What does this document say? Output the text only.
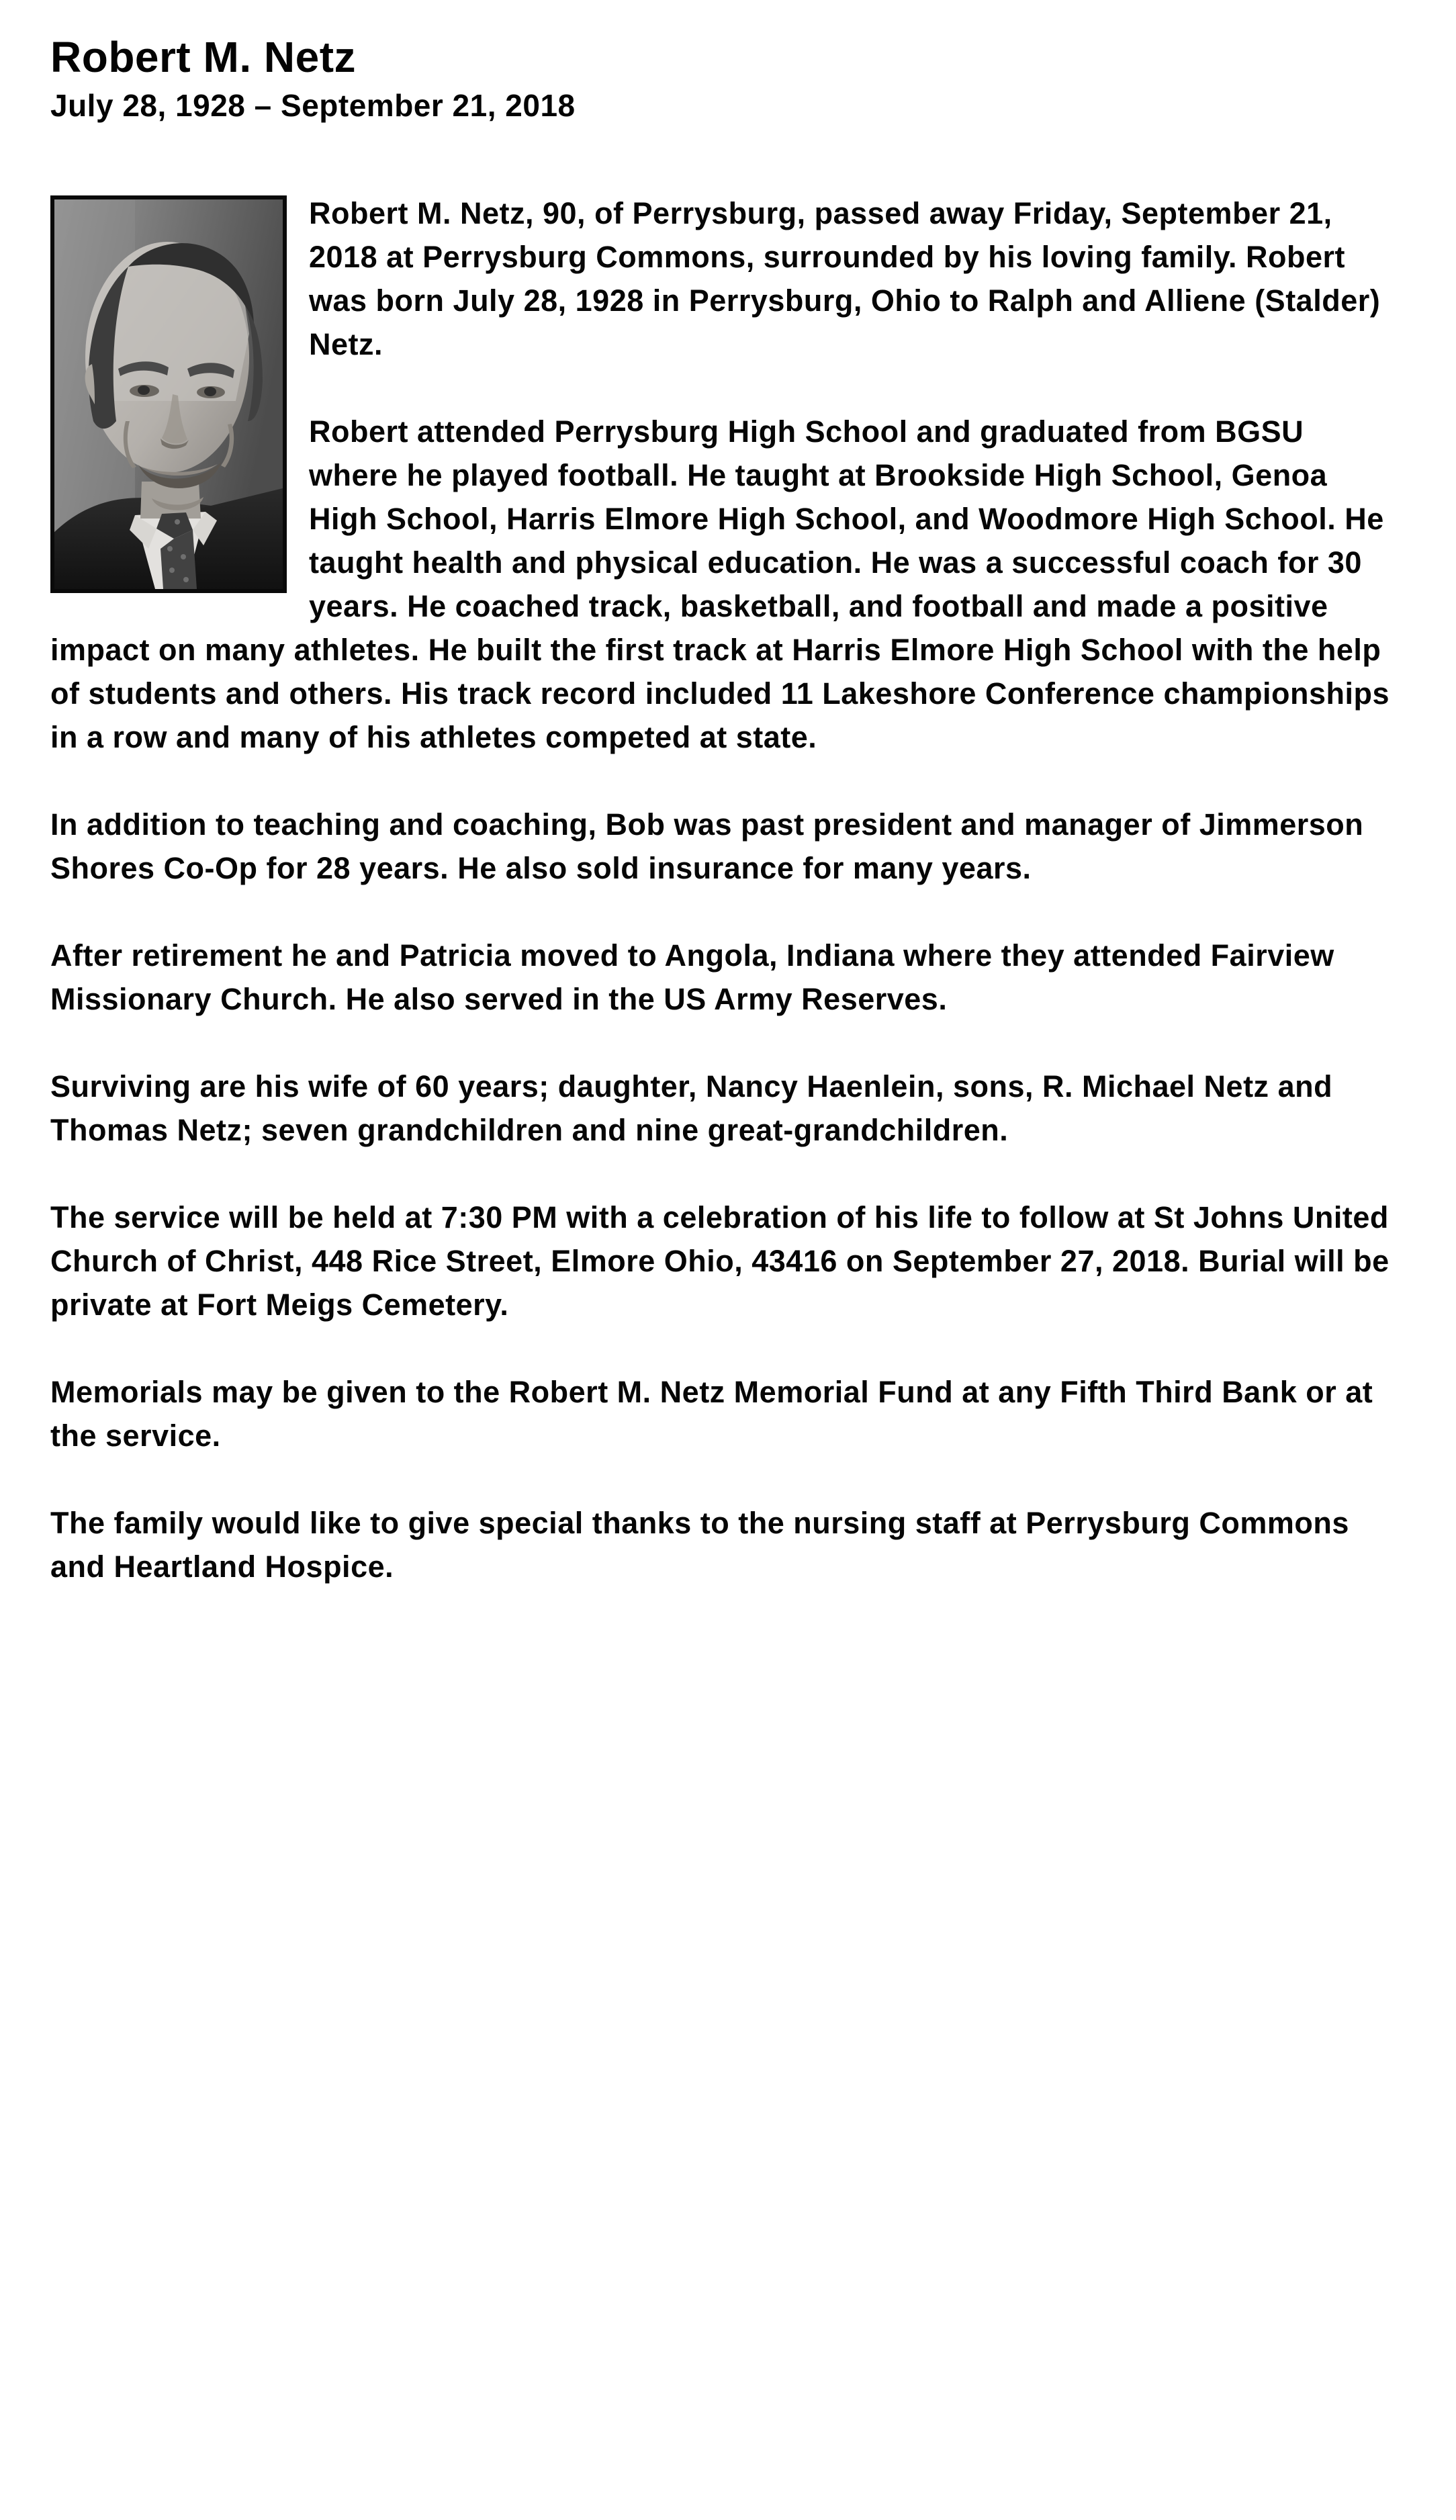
Robert M. Netz
July 28, 1928 – September 21, 2018

Robert M. Netz, 90, of Perrysburg, passed away Friday, September 21, 2018 at Perrysburg Commons, surrounded by his loving family. Robert was born July 28, 1928 in Perrysburg, Ohio to Ralph and Alliene (Stalder) Netz.

Robert attended Perrysburg High School and graduated from BGSU where he played football. He taught at Brookside High School, Genoa High School, Harris Elmore High School, and Woodmore High School. He taught health and physical education. He was a successful coach for 30 years. He coached track, basketball, and football and made a positive impact on many athletes. He built the first track at Harris Elmore High School with the help of students and others. His track record included 11 Lakeshore Conference championships in a row and many of his athletes competed at state.

In addition to teaching and coaching, Bob was past president and manager of Jimmerson Shores Co-Op for 28 years. He also sold insurance for many years.

After retirement he and Patricia moved to Angola, Indiana where they attended Fairview Missionary Church. He also served in the US Army Reserves.

Surviving are his wife of 60 years; daughter, Nancy Haenlein, sons, R. Michael Netz and Thomas Netz; seven grandchildren and nine great-grandchildren.

The service will be held at 7:30 PM with a celebration of his life to follow at St Johns United Church of Christ, 448 Rice Street, Elmore Ohio, 43416 on September 27, 2018. Burial will be private at Fort Meigs Cemetery.

Memorials may be given to the Robert M. Netz Memorial Fund at any Fifth Third Bank or at the service.

The family would like to give special thanks to the nursing staff at Perrysburg Commons and Heartland Hospice.
